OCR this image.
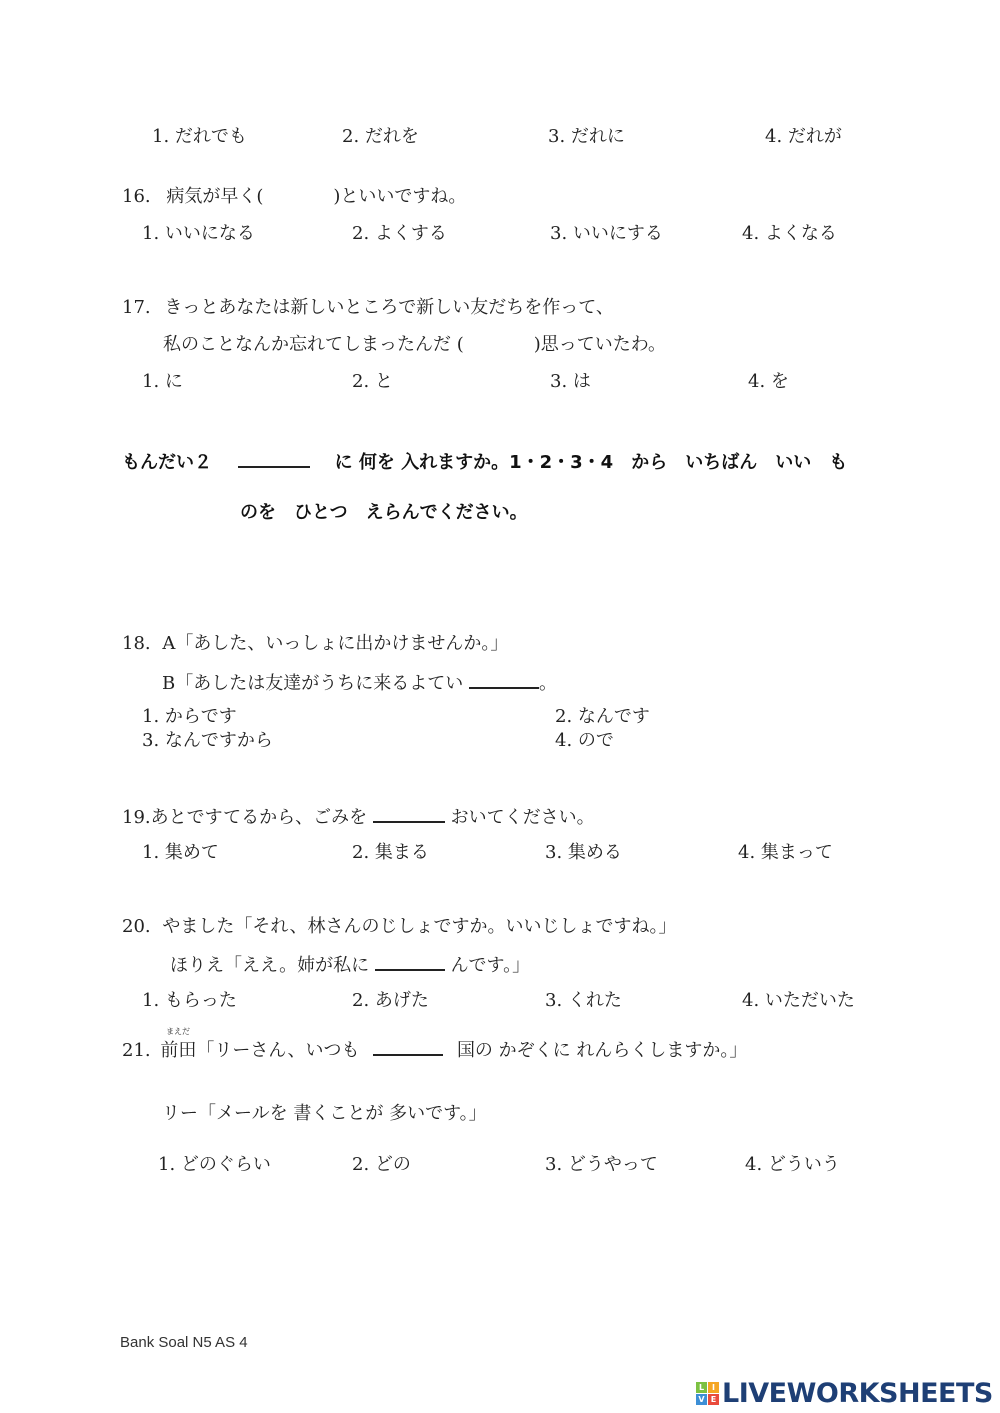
1. だれでも	2. だれを	3. だれに	4. だれが
16. 病気が早く(	)といいですね。
1. いいになる	2. よくする	3. いいにする	4. よくなる
17. きっとあなたは新しいところで新しい友だちを作って、
私のことなんか忘れてしまったんだ (	)思っていたわ。
1. に	2. と	3. は	4. を
もんだい２	に 何を 入れますか。1・2・3・4　から　いちばん　いい　も
のを　ひとつ　えらんでください。
18. A「あした、いっしょに出かけませんか。」
B「あしたは友達がうちに来るよてい	。
1. からです	2. なんです
3. なんですから	4. ので
19.あとですてるから、ごみを	おいてください。
1. 集めて	2. 集まる	3. 集める	4. 集まって
20. やました「それ、林さんのじしょですか。いいじしょですね。」
ほりえ「ええ。姉が私に	んです。」
1. もらった	2. あげた	3. くれた	4. いただいた
まえだ
21. 前田「リーさん、いつも	国の かぞくに れんらくしますか。」
リー「メールを 書くことが 多いです。」
1. どのぐらい	2. どの	3. どうやって	4. どういう
Bank Soal N5 AS 4
L I
V E LIVEWORKSHEETS
